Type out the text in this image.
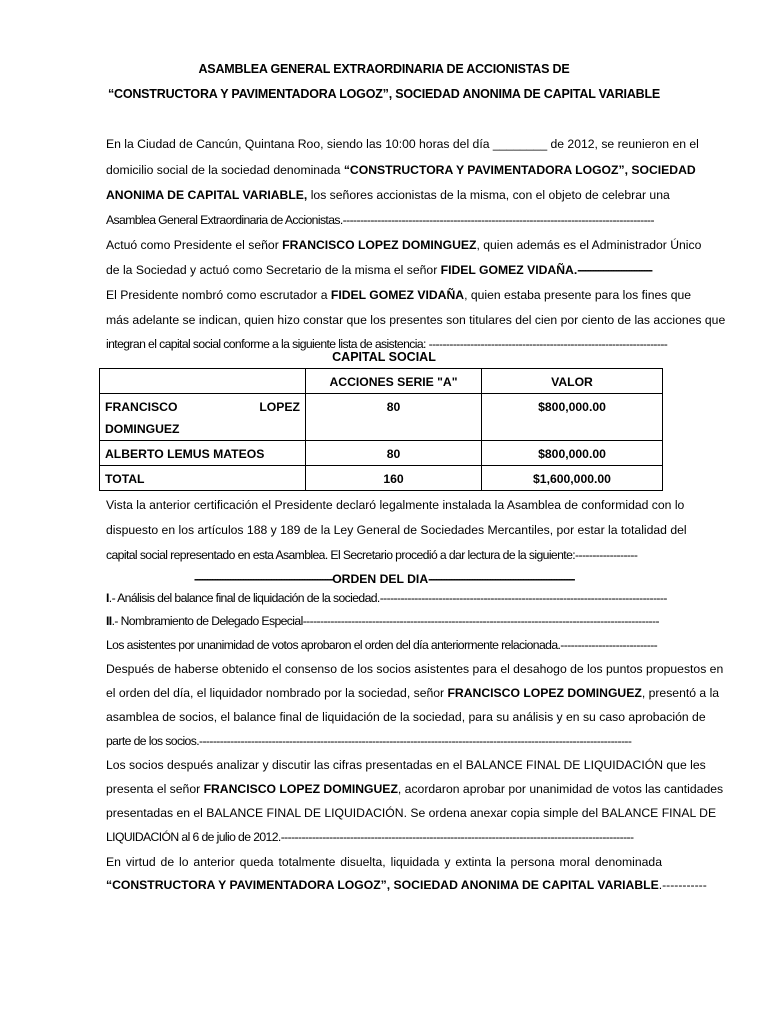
ASAMBLEA GENERAL EXTRAORDINARIA DE ACCIONISTAS DE
“CONSTRUCTORA Y PAVIMENTADORA LOGOZ”, SOCIEDAD ANONIMA DE CAPITAL VARIABLE
En la Ciudad de Cancún, Quintana Roo, siendo las 10:00 horas del día ________ de 2012, se reunieron en el
domicilio social de la sociedad denominada “CONSTRUCTORA Y PAVIMENTADORA LOGOZ”, SOCIEDAD
ANONIMA DE CAPITAL VARIABLE, los señores accionistas de la misma, con el objeto de celebrar una
Asamblea General Extraordinaria de Accionistas.------------------------------------------------------------------------------------------
Actuó como Presidente el señor FRANCISCO LOPEZ DOMINGUEZ, quien además es el Administrador Único
de la Sociedad y actuó como Secretario de la misma el señor FIDEL GOMEZ VIDAÑA.-----------------------------
El Presidente nombró como escrutador a FIDEL GOMEZ VIDAÑA, quien estaba presente para los fines que
más adelante se indican, quien hizo constar que los presentes son titulares del cien por ciento de las acciones que
integran el capital social conforme a la siguiente lista de asistencia: ---------------------------------------------------------------------
CAPITAL SOCIAL
	ACCIONES SERIE "A"	VALOR

FRANCISCO LOPEZ
DOMINGUEZ	80	$800,000.00
ALBERTO LEMUS MATEOS	80	$800,000.00
TOTAL	160	$1,600,000.00
Vista la anterior certificación el Presidente declaró legalmente instalada la Asamblea de conformidad con lo
dispuesto en los artículos 188 y 189 de la Ley General de Sociedades Mercantiles, por estar la totalidad del
capital social representado en esta Asamblea. El Secretario procedió a dar lectura de la siguiente:------------------
------------------------------------------------------ORDEN DEL DIA---------------------------------------------------------
I.- Análisis del balance final de liquidación de la sociedad.-----------------------------------------------------------------------------------
II.- Nombramiento de Delegado Especial-------------------------------------------------------------------------------------------------------
Los asistentes por unanimidad de votos aprobaron el orden del día anteriormente relacionada.----------------------------
Después de haberse obtenido el consenso de los socios asistentes para el desahogo de los puntos propuestos en
el orden del día, el liquidador nombrado por la sociedad, señor FRANCISCO LOPEZ DOMINGUEZ, presentó a la
asamblea de socios, el balance final de liquidación de la sociedad, para su análisis y en su caso aprobación de
parte de los socios.-----------------------------------------------------------------------------------------------------------------------------
Los socios después analizar y discutir las cifras presentadas en el BALANCE FINAL DE LIQUIDACIÓN que les
presenta el señor FRANCISCO LOPEZ DOMINGUEZ, acordaron aprobar por unanimidad de votos las cantidades
presentadas en el BALANCE FINAL DE LIQUIDACIÓN. Se ordena anexar copia simple del BALANCE FINAL DE
LIQUIDACIÓN al 6 de julio de 2012.------------------------------------------------------------------------------------------------------
En virtud de lo anterior queda totalmente disuelta, liquidada y extinta la persona moral denominada
“CONSTRUCTORA Y PAVIMENTADORA LOGOZ”, SOCIEDAD ANONIMA DE CAPITAL VARIABLE.-----------
